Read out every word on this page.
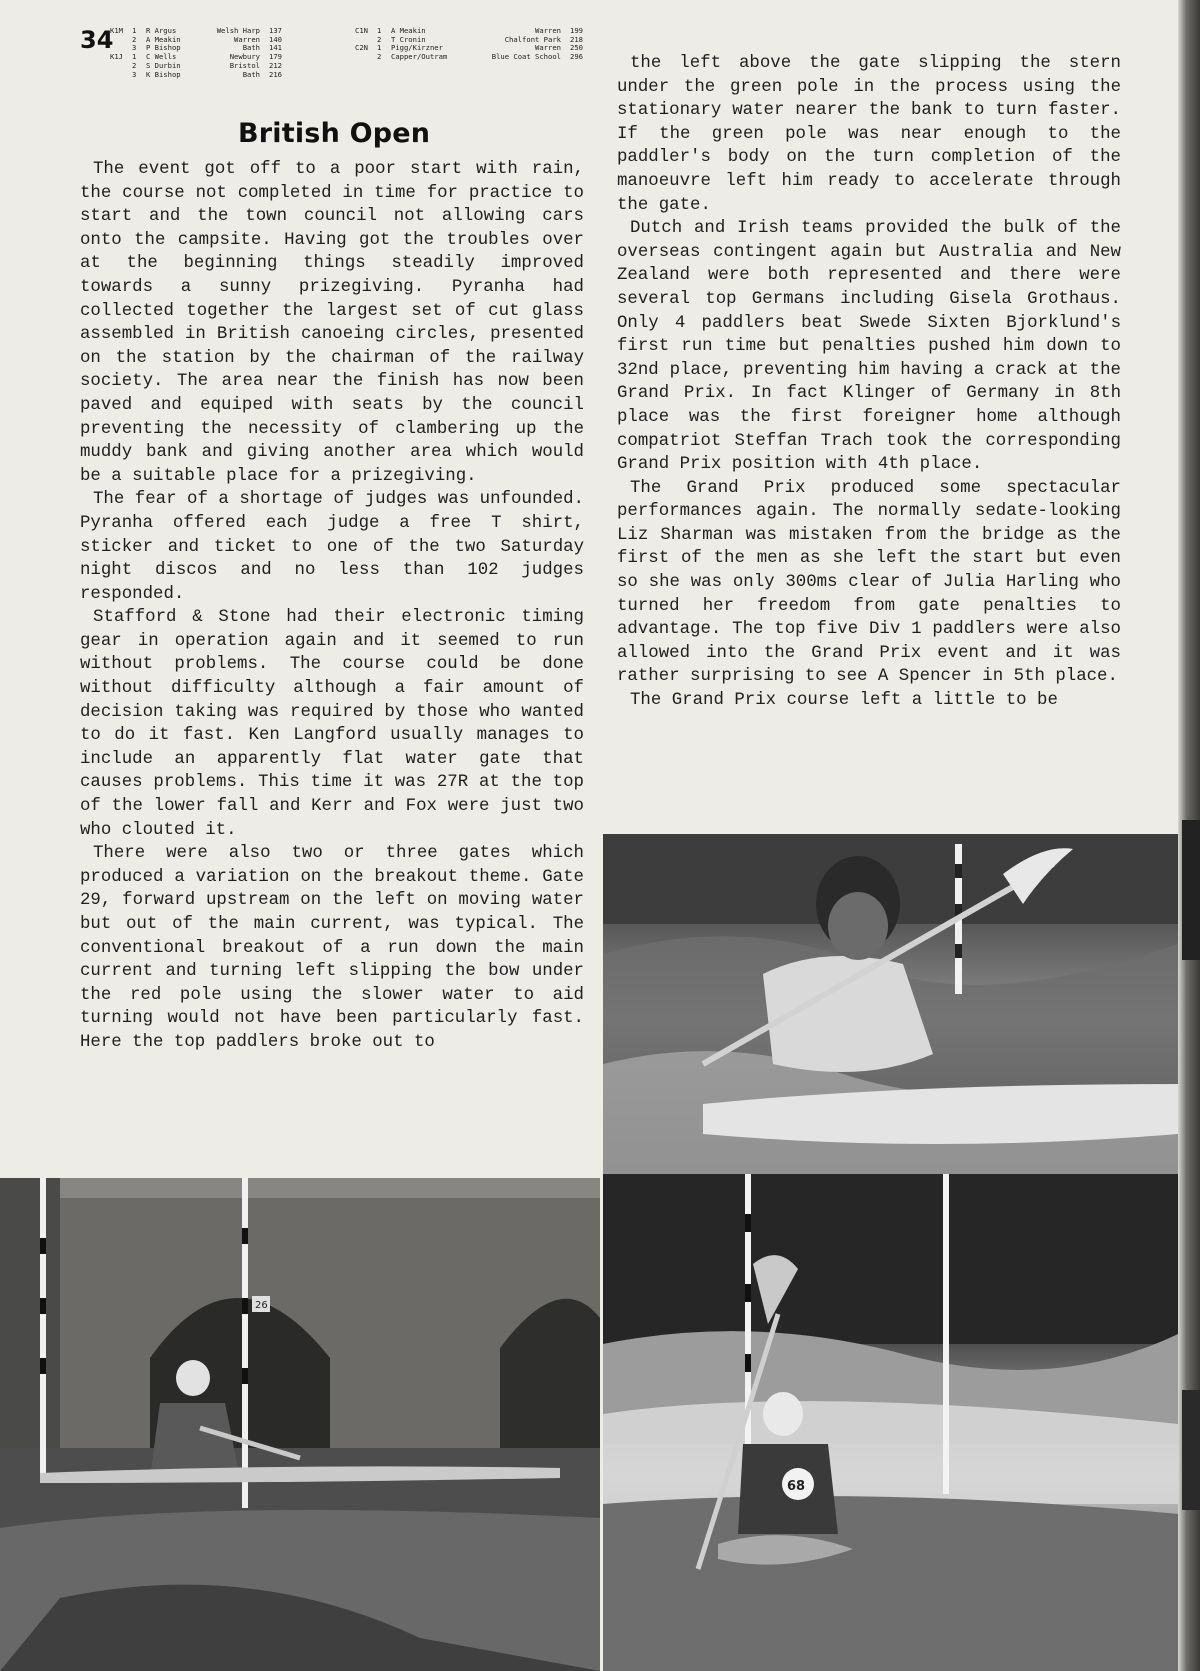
34
K1M	1	R Argus	Welsh Harp	137
2	A Meakin	Warren	140
3	P Bishop	Bath	141
K1J	1	C Wells	Newbury	179
2	S Durbin	Bristol	212
3	K Bishop	Bath	216
C1N	1	A Meakin	Warren	199
2	T Cronin	Chalfont Park	218
C2N	1	Pigg/Kirzner	Warren	250
2	Capper/Outram	Blue Coat School	296
British Open

The event got off to a poor start with rain, the course not completed in time for practice to start and the town council not allowing cars onto the campsite. Having got the troubles over at the beginning things steadily improved towards a sunny prizegiving. Pyranha had collected together the largest set of cut glass assembled in British canoeing circles, presented on the station by the chairman of the railway society. The area near the finish has now been paved and equiped with seats by the council preventing the necessity of clambering up the muddy bank and giving another area which would be a suitable place for a prizegiving.

The fear of a shortage of judges was unfounded. Pyranha offered each judge a free T shirt, sticker and ticket to one of the two Saturday night discos and no less than 102 judges responded.

Stafford & Stone had their electronic timing gear in operation again and it seemed to run without problems. The course could be done without difficulty although a fair amount of decision taking was required by those who wanted to do it fast. Ken Langford usually manages to include an apparently flat water gate that causes problems. This time it was 27R at the top of the lower fall and Kerr and Fox were just two who clouted it.

There were also two or three gates which produced a variation on the breakout theme. Gate 29, forward upstream on the left on moving water but out of the main current, was typical. The conventional breakout of a run down the main current and turning left slipping the bow under the red pole using the slower water to aid turning would not have been particularly fast. Here the top paddlers broke out to

the left above the gate slipping the stern under the green pole in the process using the stationary water nearer the bank to turn faster. If the green pole was near enough to the paddler's body on the turn completion of the manoeuvre left him ready to accelerate through the gate.

Dutch and Irish teams provided the bulk of the overseas contingent again but Australia and New Zealand were both represented and there were several top Germans including Gisela Grothaus. Only 4 paddlers beat Swede Sixten Bjorklund's first run time but penalties pushed him down to 32nd place, preventing him having a crack at the Grand Prix. In fact Klinger of Germany in 8th place was the first foreigner home although compatriot Steffan Trach took the corresponding Grand Prix position with 4th place.

The Grand Prix produced some spectacular performances again. The normally sedate-looking Liz Sharman was mistaken from the bridge as the first of the men as she left the start but even so she was only 300ms clear of Julia Harling who turned her freedom from gate penalties to advantage. The top five Div 1 paddlers were also allowed into the Grand Prix event and it was rather surprising to see A Spencer in 5th place.

The Grand Prix course left a little to be

26
68
